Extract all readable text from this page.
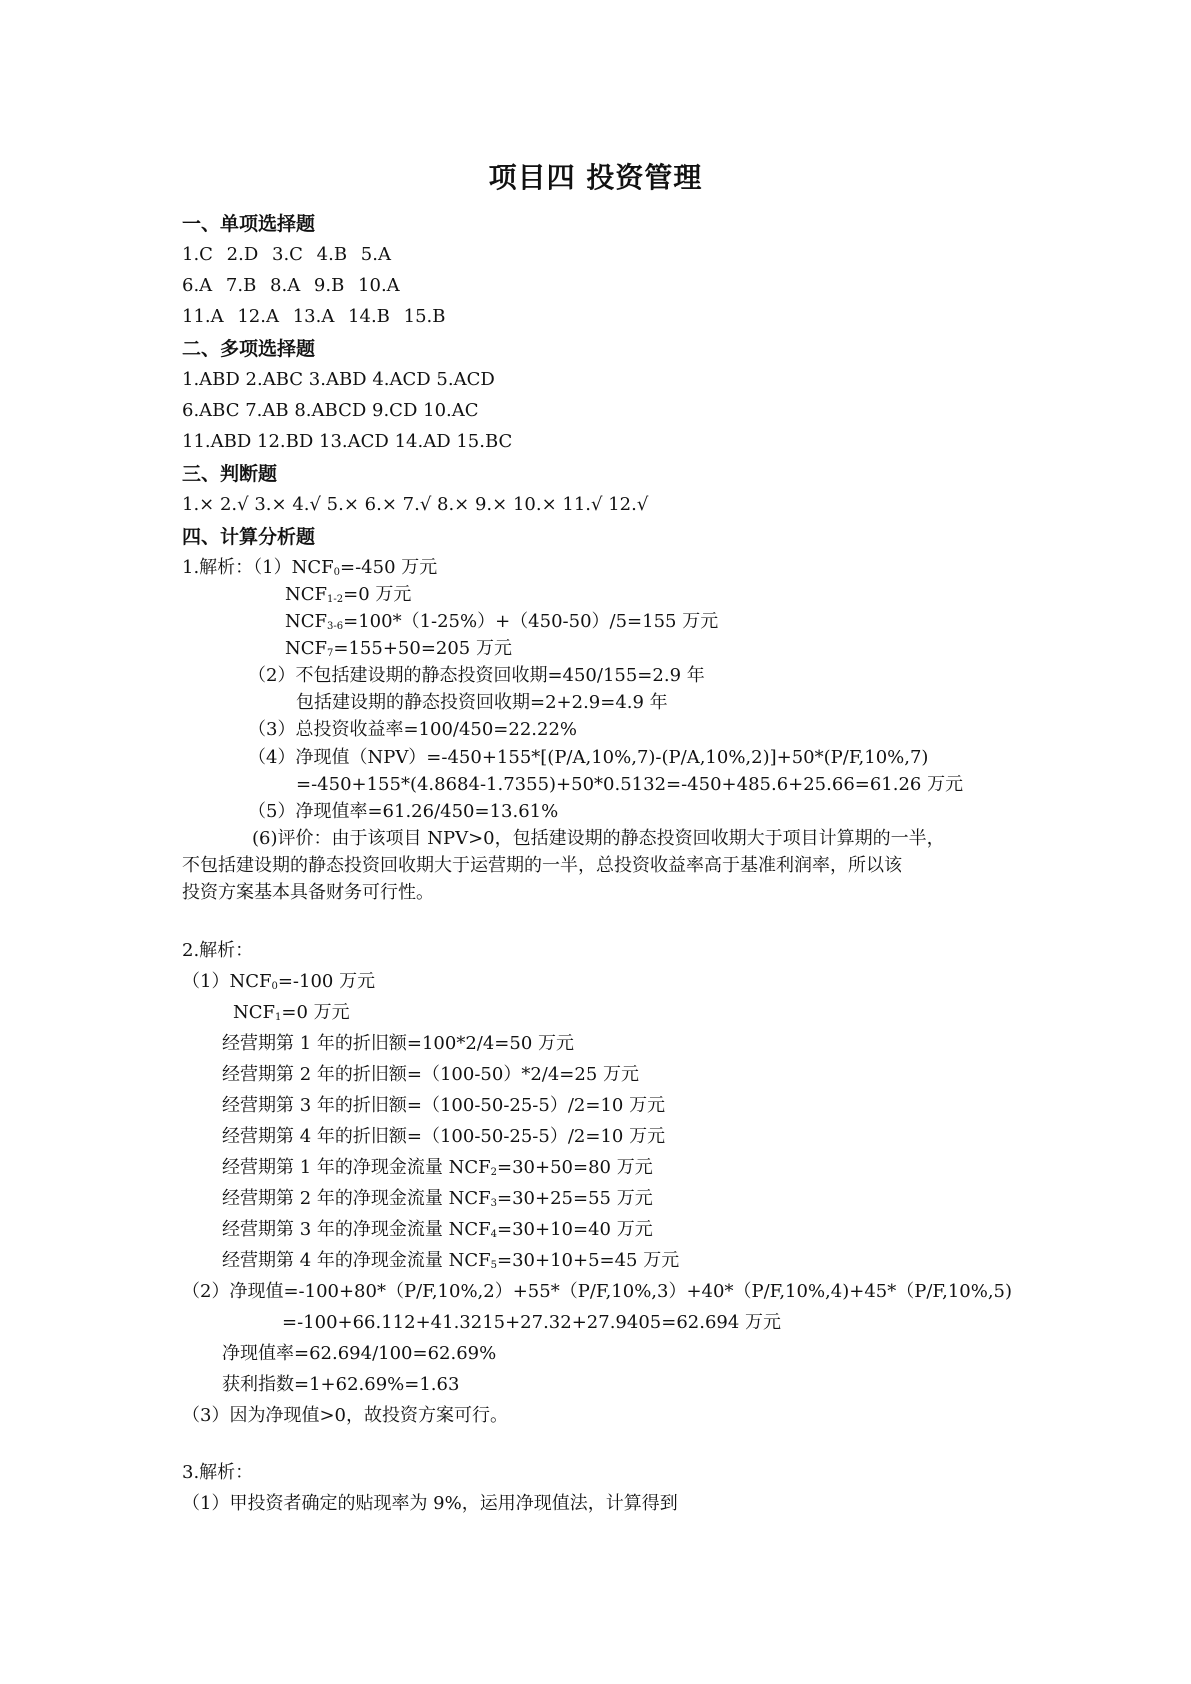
项目四 投资管理
一、单项选择题
1.C 2.D 3.C 4.B 5.A
6.A 7.B 8.A 9.B 10.A
11.A 12.A 13.A 14.B 15.B
二、多项选择题
1.ABD 2.ABC 3.ABD 4.ACD 5.ACD
6.ABC 7.AB 8.ABCD 9.CD 10.AC
11.ABD 12.BD 13.ACD 14.AD 15.BC
三、判断题
1.× 2.√ 3.× 4.√ 5.× 6.× 7.√ 8.× 9.× 10.× 11.√ 12.√
四、计算分析题
1.解析：$(1)NCF_0=-450$ 万元
$NCF_{1-2}=0$ 万元
$NCF_{3-6}=100*(1-25\%)+(450-50)/5=155$ 万元
$NCF_7=155+50=205$ 万元
（2）不包括建设期的静态投资回收期=450/155=2.9 年
包括建设期的静态投资回收期=2+2.9=4.9 年
（3）总投资收益率=100/450=22.22%
（4）净现值（NPV）=-450+155*[(P/A,10%,7)-(P/A,10%,2)]+50*(P/F,10%,7)
=-450+155*(4.8684-1.7355)+50*0.5132=-450+485.6+25.66=61.26 万元
（5）净现值率=61.26/450=13.61%
(6)评价：由于该项目 NPV>0，包括建设期的静态投资回收期大于项目计算期的一半，
不包括建设期的静态投资回收期大于运营期的一半，总投资收益率高于基准利润率，所以该
投资方案基本具备财务可行性。
2.解析：
$(1)NCF_0=-100$ 万元
$NCF_1=0$ 万元
经营期第 1 年的折旧额=100*2/4=50 万元
经营期第 2 年的折旧额=（100-50）*2/4=25 万元
经营期第 3 年的折旧额=（100-50-25-5）/2=10 万元
经营期第 4 年的折旧额=（100-50-25-5）/2=10 万元
经营期第 1 年的净现金流量 $NCF_2=30+50=80$ 万元
经营期第 2 年的净现金流量 $NCF_3=30+25=55$ 万元
经营期第 3 年的净现金流量 $NCF_4=30+10=40$ 万元
经营期第 4 年的净现金流量 $NCF_5=30+10+5=45$ 万元
（2）净现值=-100+80*（P/F,10%,2）+55*（P/F,10%,3）+40*（P/F,10%,4)+45*（P/F,10%,5)
=-100+66.112+41.3215+27.32+27.9405=62.694 万元
净现值率=62.694/100=62.69%
获利指数=1+62.69%=1.63
（3）因为净现值>0，故投资方案可行。
3.解析：
（1）甲投资者确定的贴现率为 9%，运用净现值法，计算得到
